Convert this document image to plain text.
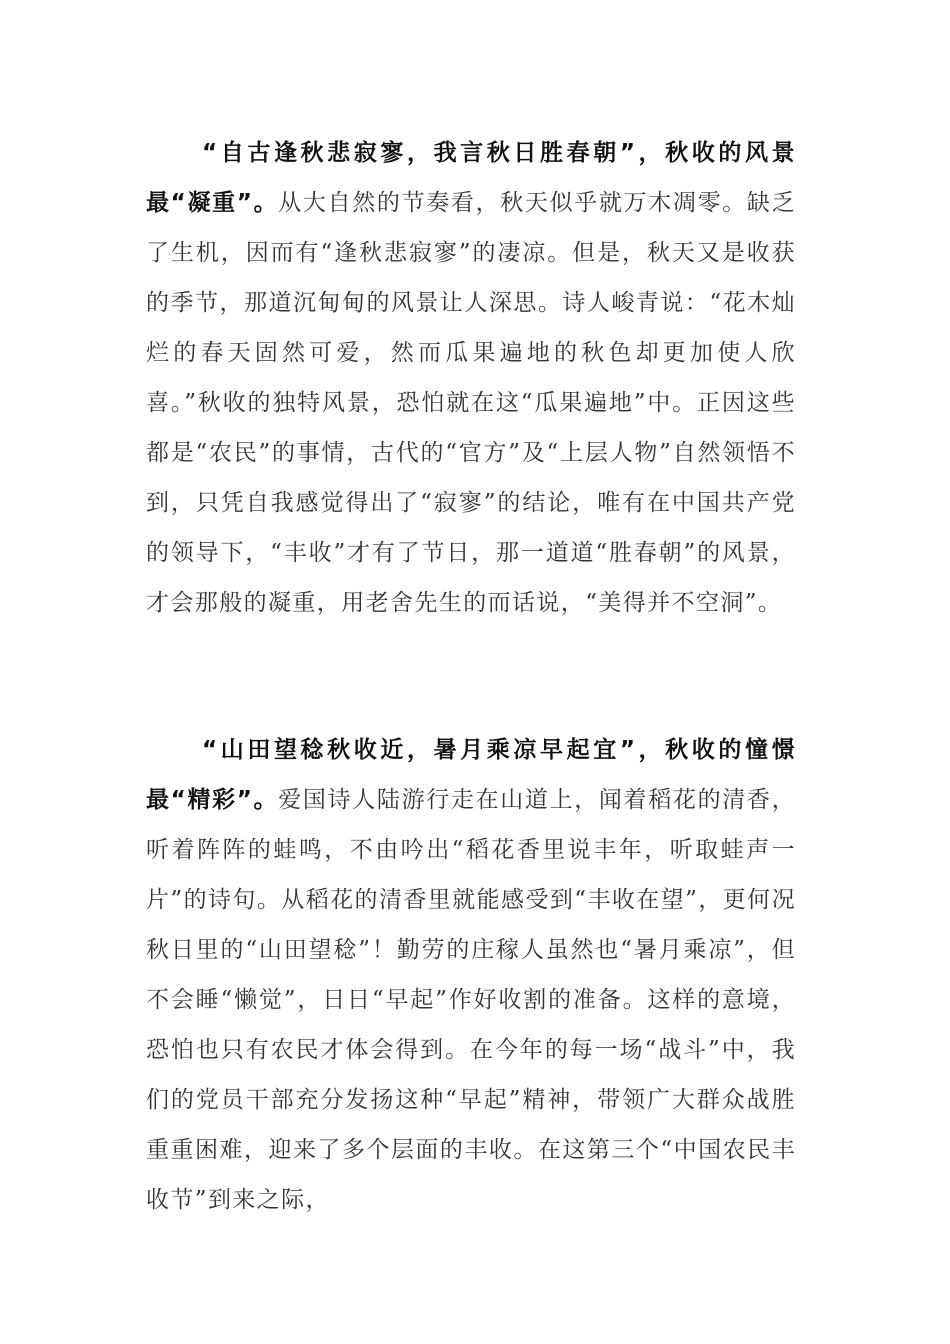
“自古逢秋悲寂寥，我言秋日胜春朝”，秋收的风景最“凝重”。从大自然的节奏看，秋天似乎就万木凋零。缺乏了生机，因而有“逢秋悲寂寥”的凄凉。但是，秋天又是收获的季节，那道沉甸甸的风景让人深思。诗人峻青说：“花木灿烂的春天固然可爱，然而瓜果遍地的秋色却更加使人欣喜。”秋收的独特风景，恐怕就在这“瓜果遍地”中。正因这些都是“农民”的事情，古代的“官方”及“上层人物”自然领悟不到，只凭自我感觉得出了“寂寥”的结论，唯有在中国共产党的领导下，“丰收”才有了节日，那一道道“胜春朝”的风景，才会那般的凝重，用老舍先生的而话说，“美得并不空洞”。

“山田望稔秋收近，暑月乘凉早起宜”，秋收的憧憬最“精彩”。爱国诗人陆游行走在山道上，闻着稻花的清香，听着阵阵的蛙鸣，不由吟出“稻花香里说丰年，听取蛙声一片”的诗句。从稻花的清香里就能感受到“丰收在望”，更何况秋日里的“山田望稔”！勤劳的庄稼人虽然也“暑月乘凉”，但不会睡“懒觉”，日日“早起”作好收割的准备。这样的意境，恐怕也只有农民才体会得到。在今年的每一场“战斗”中，我们的党员干部充分发扬这种“早起”精神，带领广大群众战胜重重困难，迎来了多个层面的丰收。在这第三个“中国农民丰收节”到来之际，
